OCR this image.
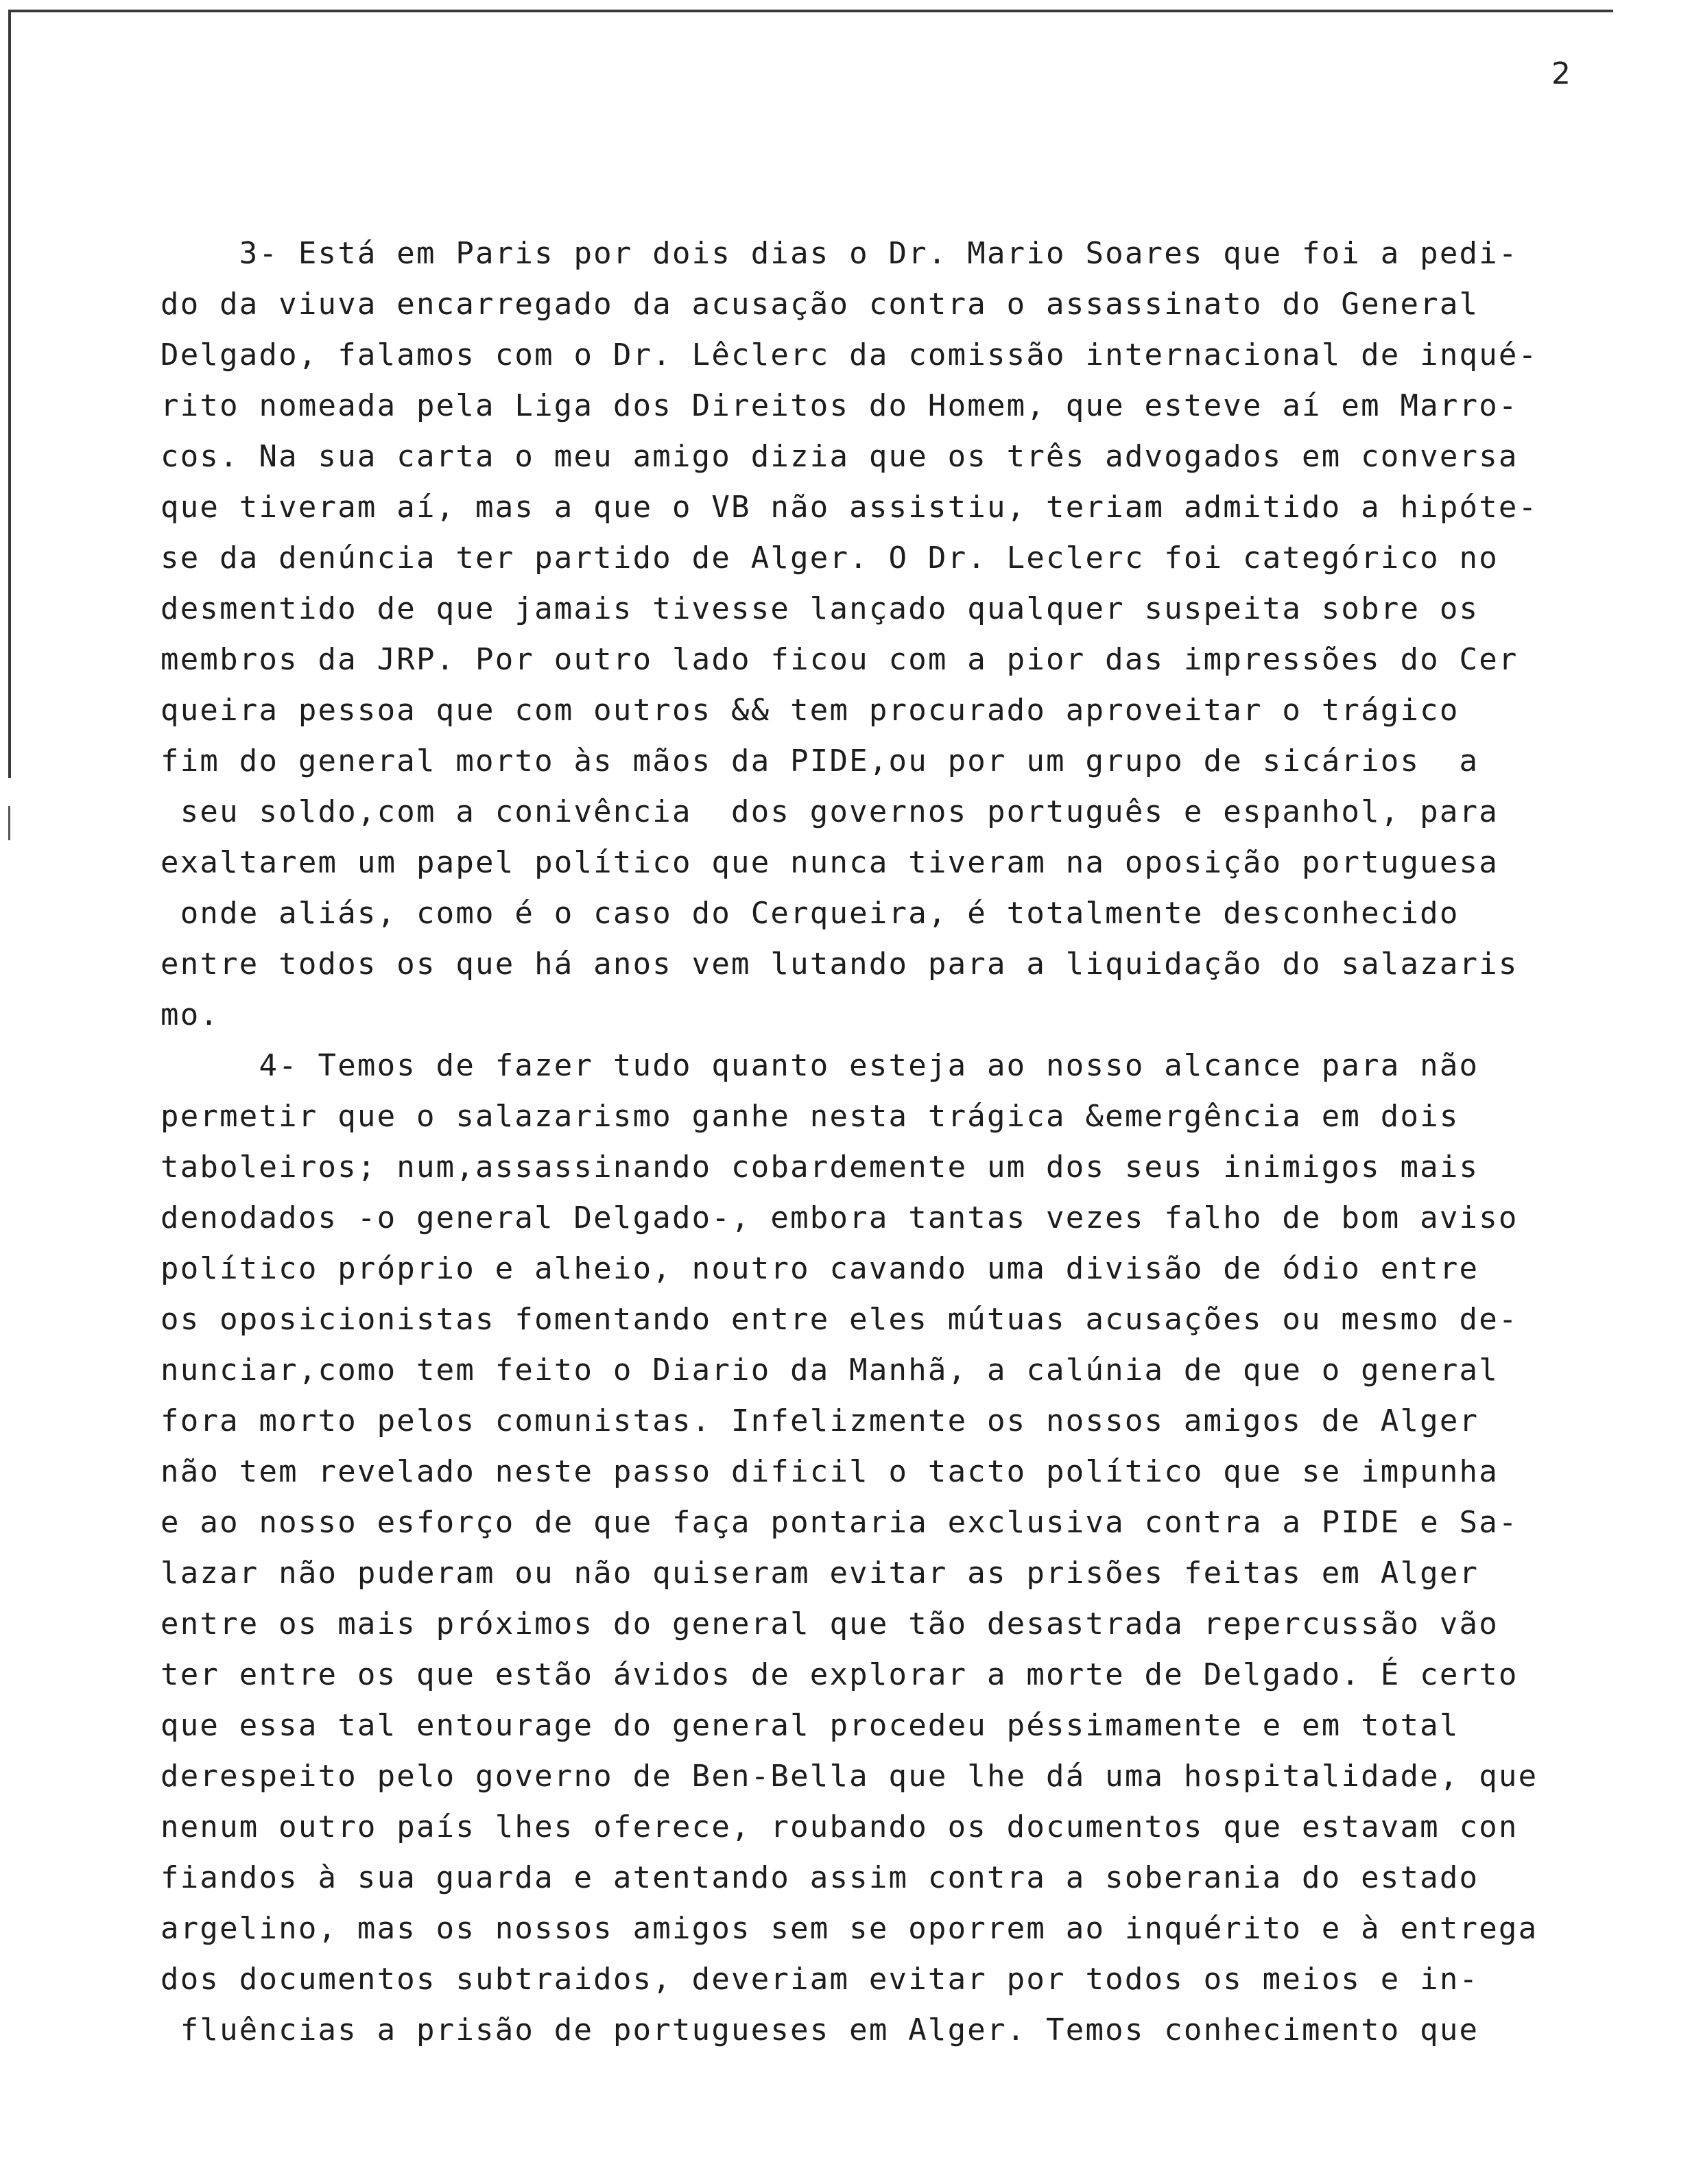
2
3- Está em Paris por dois dias o Dr. Mario Soares que foi a pedi-
do da viuva encarregado da acusação contra o assassinato do General
Delgado, falamos com o Dr. Lêclerc da comissão internacional de inqué-
rito nomeada pela Liga dos Direitos do Homem, que esteve aí em Marro-
cos. Na sua carta o meu amigo dizia que os três advogados em conversa
que tiveram aí, mas a que o VB não assistiu, teriam admitido a hipóte-
se da denúncia ter partido de Alger. O Dr. Leclerc foi categórico no
desmentido de que jamais tivesse lançado qualquer suspeita sobre os
membros da JRP. Por outro lado ficou com a pior das impressões do Cer
queira pessoa que com outros && tem procurado aproveitar o trágico
fim do general morto às mãos da PIDE,ou por um grupo de sicários  a
seu soldo,com a conivência  dos governos português e espanhol, para
exaltarem um papel político que nunca tiveram na oposição portuguesa
onde aliás, como é o caso do Cerqueira, é totalmente desconhecido
entre todos os que há anos vem lutando para a liquidação do salazaris
mo.
4- Temos de fazer tudo quanto esteja ao nosso alcance para não
permetir que o salazarismo ganhe nesta trágica &emergência em dois
taboleiros; num,assassinando cobardemente um dos seus inimigos mais
denodados -o general Delgado-, embora tantas vezes falho de bom aviso
político próprio e alheio, noutro cavando uma divisão de ódio entre
os oposicionistas fomentando entre eles mútuas acusações ou mesmo de-
nunciar,como tem feito o Diario da Manhã, a calúnia de que o general
fora morto pelos comunistas. Infelizmente os nossos amigos de Alger
não tem revelado neste passo dificil o tacto político que se impunha
e ao nosso esforço de que faça pontaria exclusiva contra a PIDE e Sa-
lazar não puderam ou não quiseram evitar as prisões feitas em Alger
entre os mais próximos do general que tão desastrada repercussão vão
ter entre os que estão ávidos de explorar a morte de Delgado. É certo
que essa tal entourage do general procedeu péssimamente e em total
derespeito pelo governo de Ben-Bella que lhe dá uma hospitalidade, que
nenum outro país lhes oferece, roubando os documentos que estavam con
fiandos à sua guarda e atentando assim contra a soberania do estado
argelino, mas os nossos amigos sem se oporrem ao inquérito e à entrega
dos documentos subtraidos, deveriam evitar por todos os meios e in-
fluências a prisão de portugueses em Alger. Temos conhecimento que
